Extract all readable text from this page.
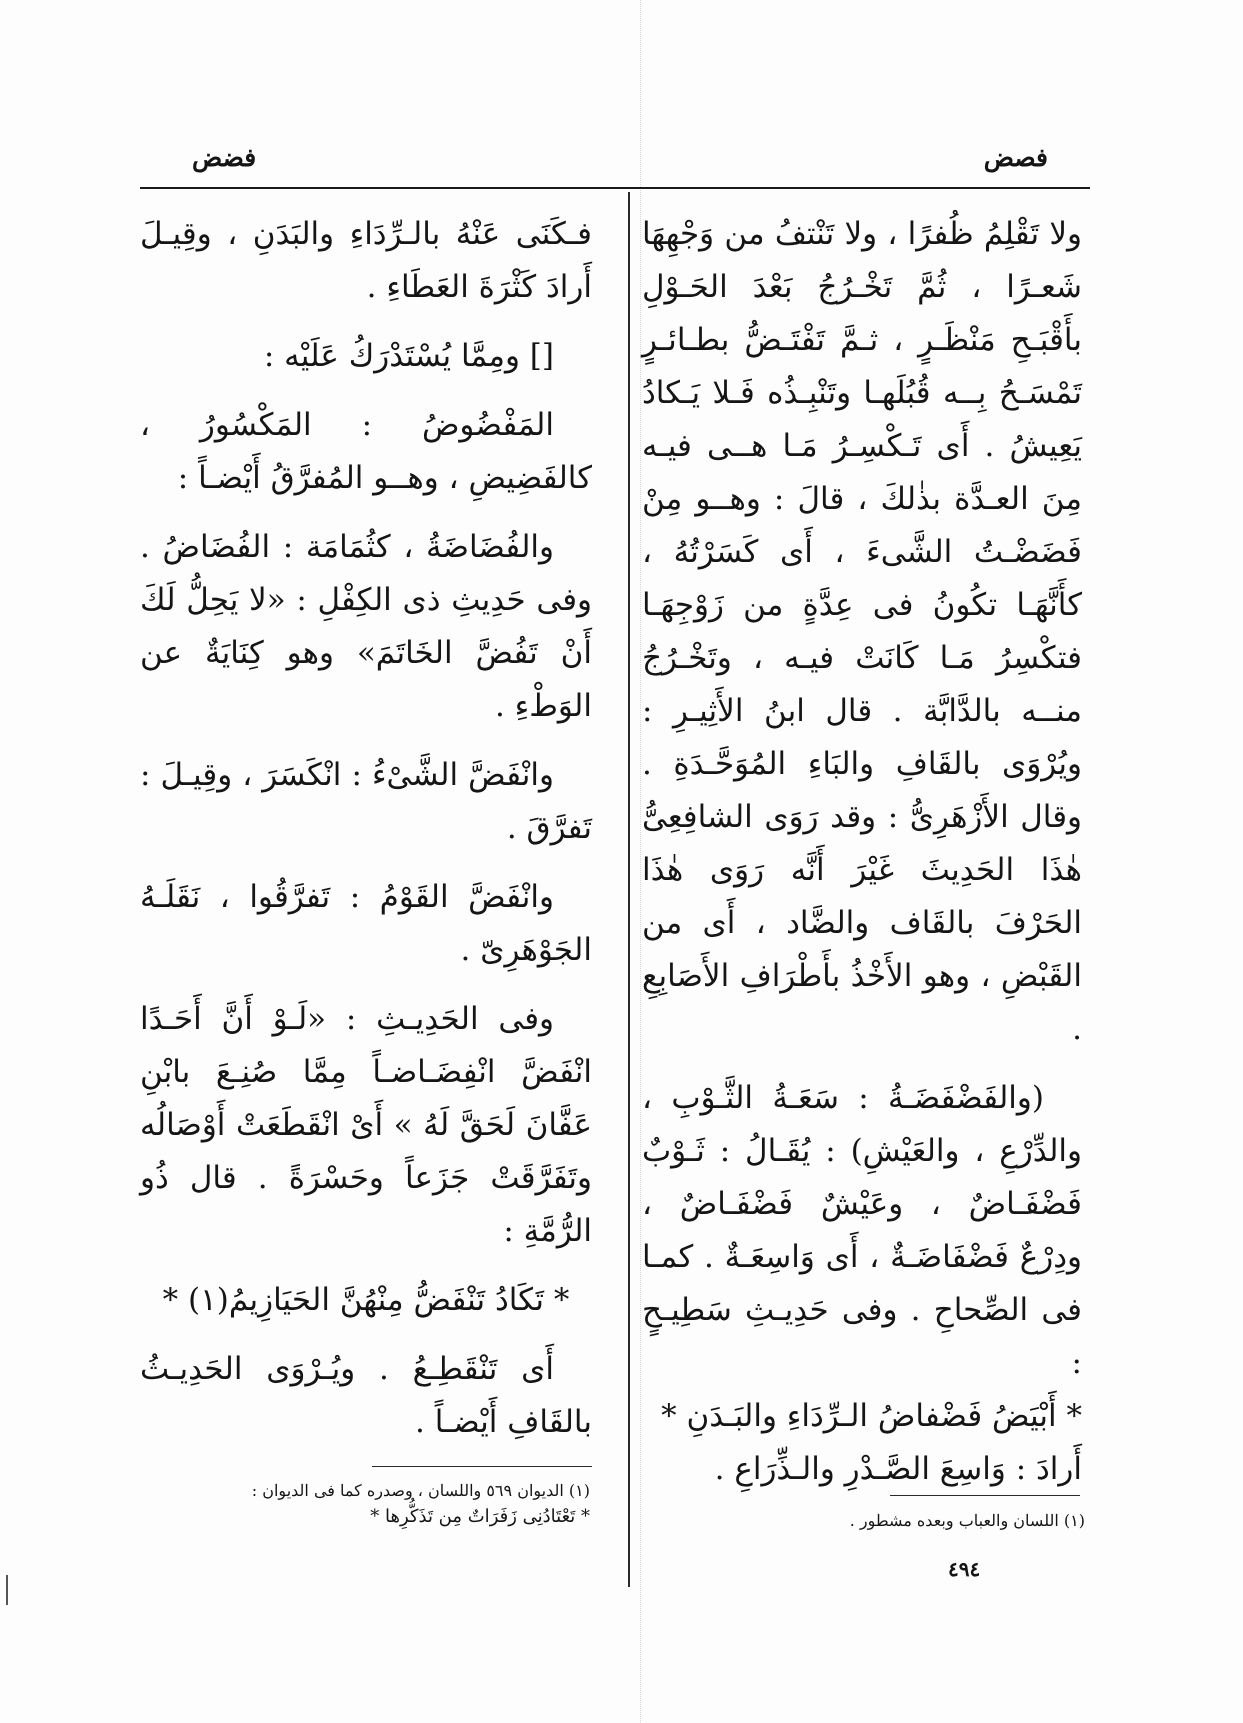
فصض
فضض

ولا تَقْلِمُ ظُفرًا ، ولا تَنْتفُ من وَجْهِهَا شَعـرًا ، ثُمَّ تَخْـرُجُ بَعْدَ الحَـوْلِ بأَقْبَـحِ مَنْظَـرٍ ، ثـمَّ تَفْتَـضُّ بطـائـرٍ تَمْسَـحُ بِــه قُبُلَهـا وتَنْبِـذُه فَـلا يَـكادُ يَعِيشُ . أَى تَـكْسِـرُ مَـا هــى فيـه مِنَ العـدَّة بذٰلكَ ، قالَ : وهــو مِنْ فَضَضْـتُ الشَّىءَ ، أَى كَسَرْتُهُ ، كأَنَّهَـا تكُونُ فى عِدَّةٍ من زَوْجِهَـا فتكْسِرُ مَـا كَانَتْ فيـه ، وتَخْـرُجُ منــه بالدَّابَّة . قال ابنُ الأَثِيـرِ : ويُرْوَى بالقَافِ والبَاءِ المُوَحَّـدَةِ . وقال الأَزْهَرِىُّ : وقد رَوَى الشافِعِىُّ هٰذَا الحَدِيثَ غَيْرَ أَنَّه رَوَى هٰذَا الحَرْفَ بالقَاف والضَّاد ، أَى من القَبْضِ ، وهو الأَخْذُ بأَطْرَافِ الأَصَابِعِ .

(والفَضْفَضَـةُ : سَعَـةُ الثَّـوْبِ ، والدِّرْعِ ، والعَيْشِ) : يُقَـالُ : ثَـوْبٌ فَضْفَـاضٌ ، وعَيْشٌ فَضْفَـاضٌ ، ودِرْعٌ فَضْفَاضَـةٌ ، أَى وَاسِعَـةٌ . كمـا فى الصِّحاحِ . وفى حَدِيـثِ سَطِيـحٍ :

* أَبْيَضُ فَضْفاضُ الـرِّدَاءِ والبَـدَنِ *

أَرادَ : وَاسِعَ الصَّـدْرِ والـذِّرَاعِ .

فـكَنَى عَنْهُ بالـرِّدَاءِ والبَدَنِ ، وقِيـلَ أَرادَ كَثْرَةَ العَطَاءِ .

[] ومِمَّا يُسْتَدْرَكُ عَلَيْه :

المَفْضُوضُ : المَكْسُورُ ، كالفَضِيضِ ، وهــو المُفرَّقُ أَيْضـاً :

والفُضَاضَةُ ، كثُمَامَة : الفُضَاضُ . وفى حَدِيثِ ذى الكِفْلِ : «لا يَحِلُّ لَكَ أَنْ تَفُضَّ الخَاتَمَ» وهو كِنَايَةٌ عن الوَطْءِ .

وانْفَضَّ الشَّىْءُ : انْكَسَرَ ، وقِيـلَ : تَفرَّقَ .

وانْفَضَّ القَوْمُ : تَفرَّقُوا ، نَقَلَـهُ الجَوْهَرِىّ .

وفى الحَدِيـثِ : «لَـوْ أَنَّ أَحَـدًا انْفَضَّ انْفِضَـاضـاً مِمَّا صُنِـعَ بابْنِ عَفَّانَ لَحَقَّ لَهُ » أَىْ انْقَطَعَتْ أَوْصَالُه وتَفَرَّقَتْ جَزَعاً وحَسْرَةً . قال ذُو الرُّمَّةِ :

* تَكَادُ تَنْفَضُّ مِنْهُنَّ الحَيَازِيمُ(١) *

أَى تَنْقَطِـعُ . ويُـرْوَى الحَدِيـثُ بالقَافِ أَيْضـاً .

(١) اللسان والعباب وبعده مشطور .
(١) الديوان ٥٦٩ واللسان ، وصدره كما فى الديوان :
* تَعْتَادُنِى زَفَرَاتٌ مِن تَذَكُّرِها *
٤٩٤
